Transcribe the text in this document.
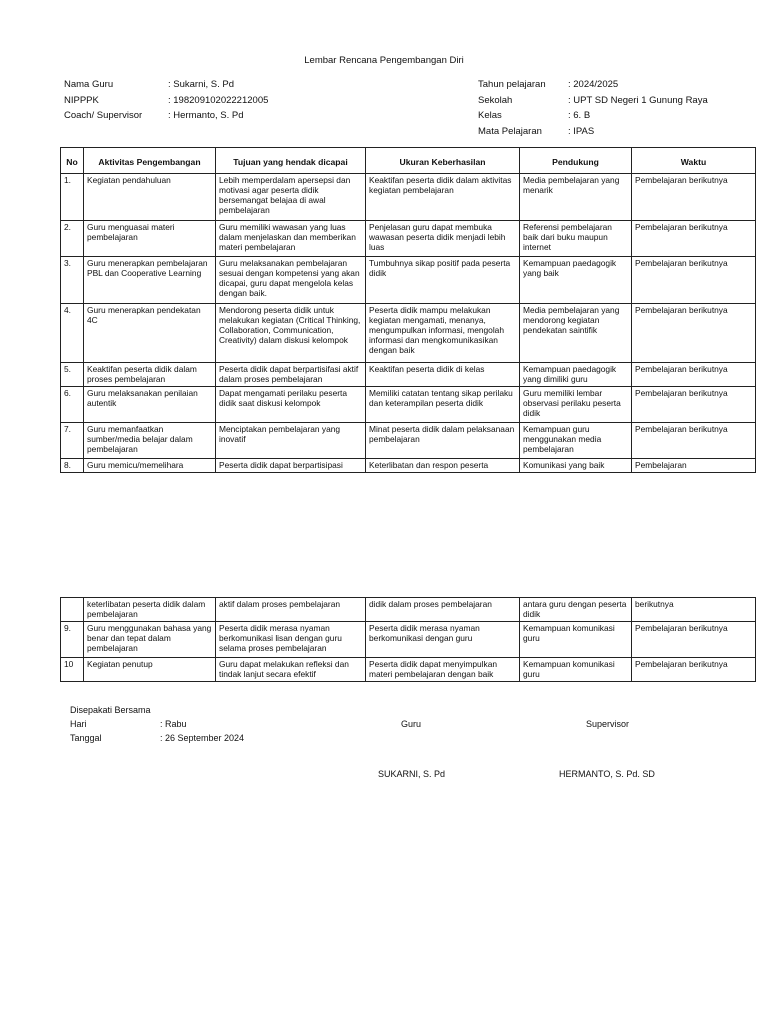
Lembar Rencana Pengembangan Diri
Nama Guru	: Sukarni, S. Pd
NIPPPK	: 198209102022212005
Coach/ Supervisor	: Hermanto, S. Pd
Tahun pelajaran	: 2024/2025
Sekolah	: UPT SD Negeri 1 Gunung Raya
Kelas	: 6. B
Mata Pelajaran	: IPAS
No	Aktivitas Pengembangan	Tujuan yang hendak dicapai	Ukuran Keberhasilan	Pendukung	Waktu
1.	Kegiatan pendahuluan	Lebih memperdalam apersepsi dan motivasi agar peserta didik bersemangat belajaa di awal pembelajaran	Keaktifan peserta didik dalam aktivitas kegiatan pembelajaran	Media pembelajaran yang menarik	Pembelajaran berikutnya
2.	Guru menguasai materi pembelajaran	Guru memiliki wawasan yang luas dalam menjelaskan dan memberikan materi pembelajaran	Penjelasan guru dapat membuka wawasan peserta didik menjadi lebih luas	Referensi pembelajaran baik dari buku maupun internet	Pembelajaran berikutnya
3.	Guru menerapkan pembelajaran PBL dan Cooperative Learning	Guru melaksanakan pembelajaran sesuai dengan kompetensi yang akan dicapai, guru dapat mengelola kelas dengan baik.	Tumbuhnya sikap positif pada peserta didik	Kemampuan paedagogik yang baik	Pembelajaran berikutnya
4.	Guru menerapkan pendekatan 4C	Mendorong peserta didik untuk melakukan kegiatan (Critical Thinking, Collaboration, Communication, Creativity) dalam diskusi kelompok	Peserta didik mampu melakukan kegiatan mengamati, menanya, mengumpulkan informasi, mengolah informasi dan mengkomunikasikan dengan baik	Media pembelajaran yang mendorong kegiatan pendekatan saintifik	Pembelajaran berikutnya
5.	Keaktifan peserta didik dalam proses pembelajaran	Peserta didik dapat berpartisifasi aktif dalam proses pembelajaran	Keaktifan peserta didik di kelas	Kemampuan paedagogik yang dimiliki guru	Pembelajaran berikutnya
6.	Guru melaksanakan penilaian autentik	Dapat mengamati perilaku peserta didik saat diskusi kelompok	Memiliki catatan tentang sikap perilaku dan keterampilan peserta didik	Guru memiliki lembar observasi perilaku peserta didik	Pembelajaran berikutnya
7.	Guru memanfaatkan sumber/media belajar dalam pembelajaran	Menciptakan pembelajaran yang inovatif	Minat peserta didik dalam pelaksanaan pembelajaran	Kemampuan guru menggunakan media pembelajaran	Pembelajaran berikutnya
8.	Guru memicu/memelihara	Peserta didik dapat berpartisipasi	Keterlibatan dan respon peserta	Komunikasi yang baik	Pembelajaran
	keterlibatan peserta didik dalam pembelajaran	aktif dalam proses pembelajaran	didik dalam proses pembelajaran	antara guru dengan peserta didik	berikutnya
9.	Guru menggunakan bahasa yang benar dan tepat dalam pembelajaran	Peserta didik merasa nyaman berkomunikasi lisan dengan guru selama proses pembelajaran	Peserta didik merasa nyaman berkomunikasi dengan guru	Kemampuan komunikasi guru	Pembelajaran berikutnya
10	Kegiatan penutup	Guru dapat melakukan refleksi dan tindak lanjut secara efektif	Peserta didik dapat menyimpulkan materi pembelajaran dengan baik	Kemampuan komunikasi guru	Pembelajaran berikutnya
Disepakati Bersama
Hari	: Rabu
Tanggal	: 26 September 2024
Guru	Supervisor
SUKARNI, S. Pd	HERMANTO, S. Pd. SD
